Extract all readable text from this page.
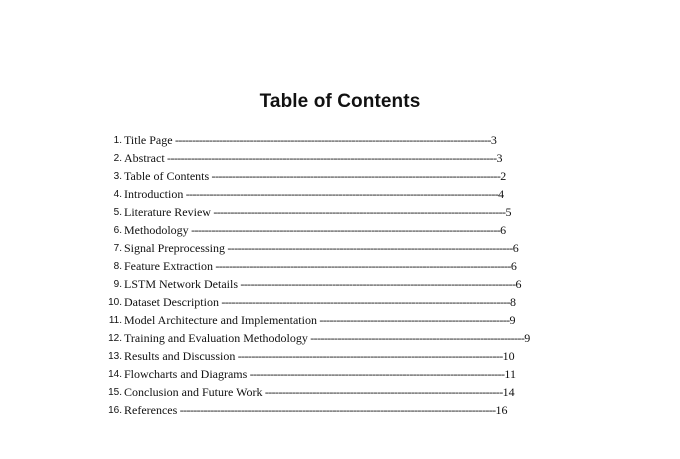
Table of Contents
1. Title Page ---------------------------------------------------------------------------------------------3
2. Abstract -------------------------------------------------------------------------------------------------3
3. Table of Contents -------------------------------------------------------------------------------------2
4. Introduction --------------------------------------------------------------------------------------------4
5. Literature Review --------------------------------------------------------------------------------------5
6. Methodology -------------------------------------------------------------------------------------------6
7. Signal Preprocessing ------------------------------------------------------------------------------------6
8. Feature Extraction ---------------------------------------------------------------------------------------6
9. LSTM Network Details ---------------------------------------------------------------------------------6
10. Dataset Description -------------------------------------------------------------------------------------8
11. Model Architecture and Implementation --------------------------------------------------------9
12. Training and Evaluation Methodology ---------------------------------------------------------------9
13. Results and Discussion ------------------------------------------------------------------------------10
14. Flowcharts and Diagrams ---------------------------------------------------------------------------11
15. Conclusion and Future Work ----------------------------------------------------------------------14
16. References ---------------------------------------------------------------------------------------------16
